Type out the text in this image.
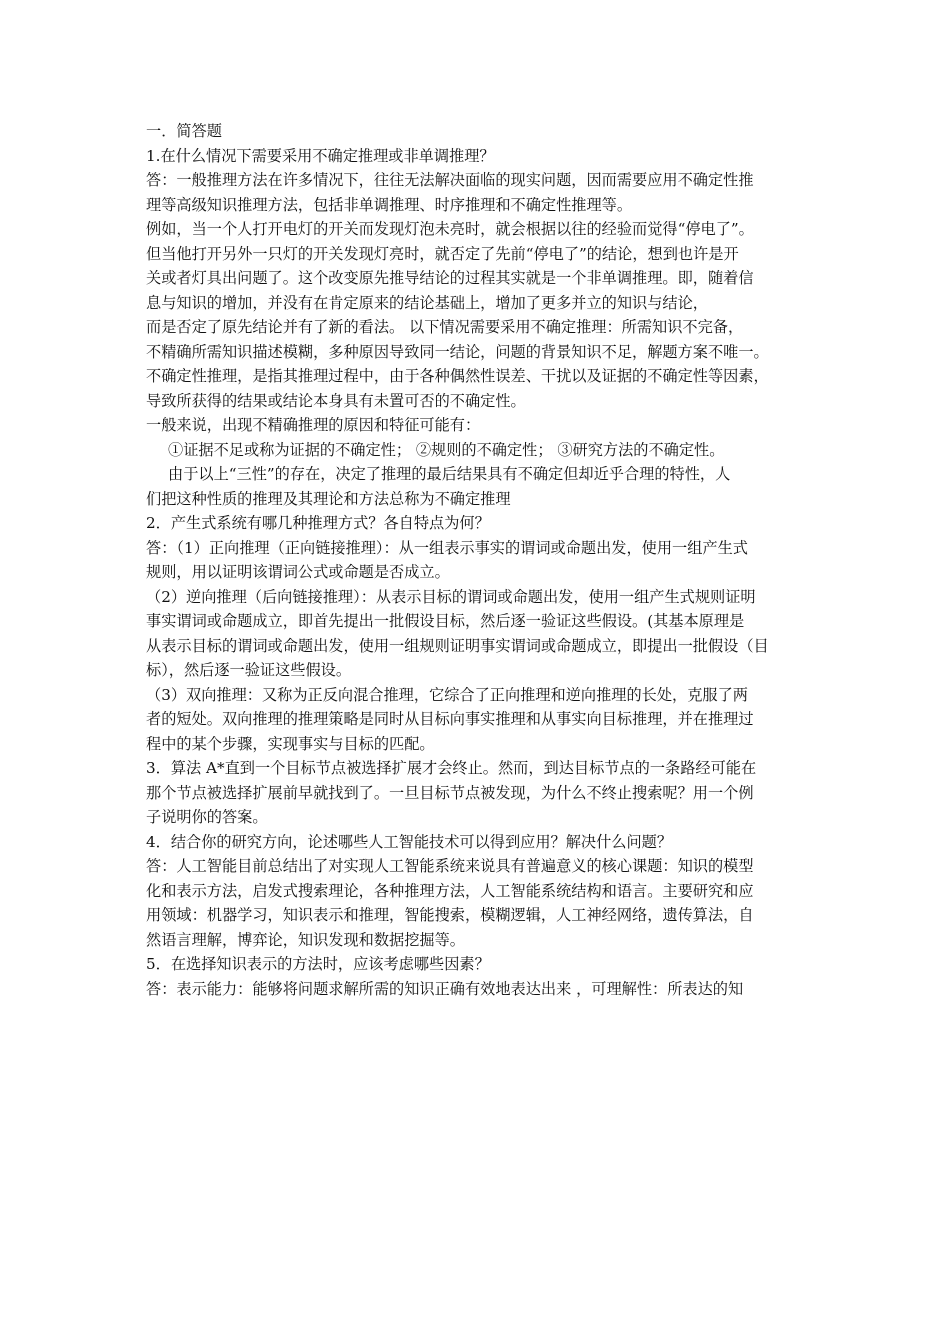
一．简答题
1.在什么情况下需要采用不确定推理或非单调推理？
答：一般推理方法在许多情况下，往往无法解决面临的现实问题，因而需要应用不确定性推
理等高级知识推理方法，包括非单调推理、时序推理和不确定性推理等。
例如，当一个人打开电灯的开关而发现灯泡未亮时，就会根据以往的经验而觉得“停电了”。
但当他打开另外一只灯的开关发现灯亮时，就否定了先前“停电了”的结论，想到也许是开
关或者灯具出问题了。这个改变原先推导结论的过程其实就是一个非单调推理。即，随着信
息与知识的增加，并没有在肯定原来的结论基础上，增加了更多并立的知识与结论，
而是否定了原先结论并有了新的看法。 以下情况需要采用不确定推理：所需知识不完备，
不精确所需知识描述模糊，多种原因导致同一结论，问题的背景知识不足，解题方案不唯一。
不确定性推理，是指其推理过程中，由于各种偶然性误差、干扰以及证据的不确定性等因素，
导致所获得的结果或结论本身具有未置可否的不确定性。
一般来说，出现不精确推理的原因和特征可能有：
①证据不足或称为证据的不确定性； ②规则的不确定性； ③研究方法的不确定性。
由于以上“三性”的存在，决定了推理的最后结果具有不确定但却近乎合理的特性，人
们把这种性质的推理及其理论和方法总称为不确定推理
2．产生式系统有哪几种推理方式？各自特点为何？
答：（1）正向推理（正向链接推理）：从一组表示事实的谓词或命题出发，使用一组产生式
规则，用以证明该谓词公式或命题是否成立。
（2）逆向推理（后向链接推理）：从表示目标的谓词或命题出发，使用一组产生式规则证明
事实谓词或命题成立，即首先提出一批假设目标，然后逐一验证这些假设。(其基本原理是
从表示目标的谓词或命题出发，使用一组规则证明事实谓词或命题成立，即提出一批假设（目
标），然后逐一验证这些假设。
（3）双向推理：又称为正反向混合推理，它综合了正向推理和逆向推理的长处，克服了两
者的短处。双向推理的推理策略是同时从目标向事实推理和从事实向目标推理，并在推理过
程中的某个步骤，实现事实与目标的匹配。
3．算法 A*直到一个目标节点被选择扩展才会终止。然而，到达目标节点的一条路经可能在
那个节点被选择扩展前早就找到了。一旦目标节点被发现，为什么不终止搜索呢？用一个例
子说明你的答案。
4．结合你的研究方向，论述哪些人工智能技术可以得到应用？解决什么问题？
答：人工智能目前总结出了对实现人工智能系统来说具有普遍意义的核心课题：知识的模型
化和表示方法，启发式搜索理论，各种推理方法，人工智能系统结构和语言。主要研究和应
用领域：机器学习，知识表示和推理，智能搜索，模糊逻辑，人工神经网络，遗传算法，自
然语言理解，博弈论，知识发现和数据挖掘等。
5．在选择知识表示的方法时，应该考虑哪些因素？
答：表示能力：能够将问题求解所需的知识正确有效地表达出来 ，可理解性：所表达的知
